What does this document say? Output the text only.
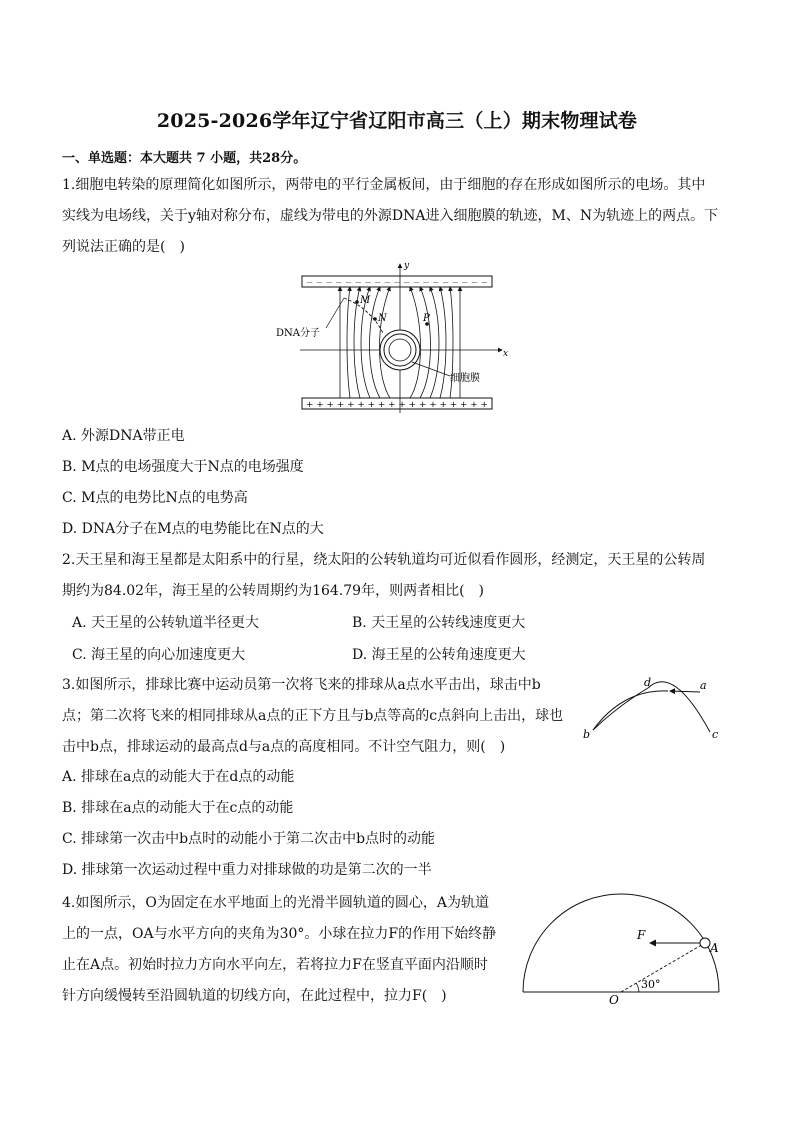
2025-2026学年辽宁省辽阳市高三（上）期末物理试卷
一、单选题：本大题共 7 小题，共28分。
1.细胞电转染的原理简化如图所示，两带电的平行金属板间，由于细胞的存在形成如图所示的电场。其中
实线为电场线，关于y轴对称分布，虚线为带电的外源DNA进入细胞膜的轨迹，M、N为轨迹上的两点。下
列说法正确的是(　)
－ － － － － － － － － － － － － － － － － － －
+ + + + + + + + + + + + + + + + + +
y
x
M
N	P
DNA分子
细胞膜
A. 外源DNA带正电
B. M点的电场强度大于N点的电场强度
C. M点的电势比N点的电势高
D. DNA分子在M点的电势能比在N点的大
2.天王星和海王星都是太阳系中的行星，绕太阳的公转轨道均可近似看作圆形，经测定，天王星的公转周
期约为84.02年，海王星的公转周期约为164.79年，则两者相比(　)
A. 天王星的公转轨道半径更大	B. 天王星的公转线速度更大
C. 海王星的向心加速度更大	D. 海王星的公转角速度更大
3.如图所示，排球比赛中运动员第一次将飞来的排球从a点水平击出，球击中b
点；第二次将飞来的相同排球从a点的正下方且与b点等高的c点斜向上击出，球也
击中b点，排球运动的最高点d与a点的高度相同。不计空气阻力，则(　)
a
b	c
d
A. 排球在a点的动能大于在d点的动能
B. 排球在a点的动能大于在c点的动能
C. 排球第一次击中b点时的动能小于第二次击中b点时的动能
D. 排球第一次运动过程中重力对排球做的功是第二次的一半
4.如图所示，O为固定在水平地面上的光滑半圆轨道的圆心，A为轨道
上的一点，OA与水平方向的夹角为30°。小球在拉力F的作用下始终静
止在A点。初始时拉力方向水平向左，若将拉力F在竖直平面内沿顺时
针方向缓慢转至沿圆轨道的切线方向，在此过程中，拉力F(　)
F
A
O
30°
